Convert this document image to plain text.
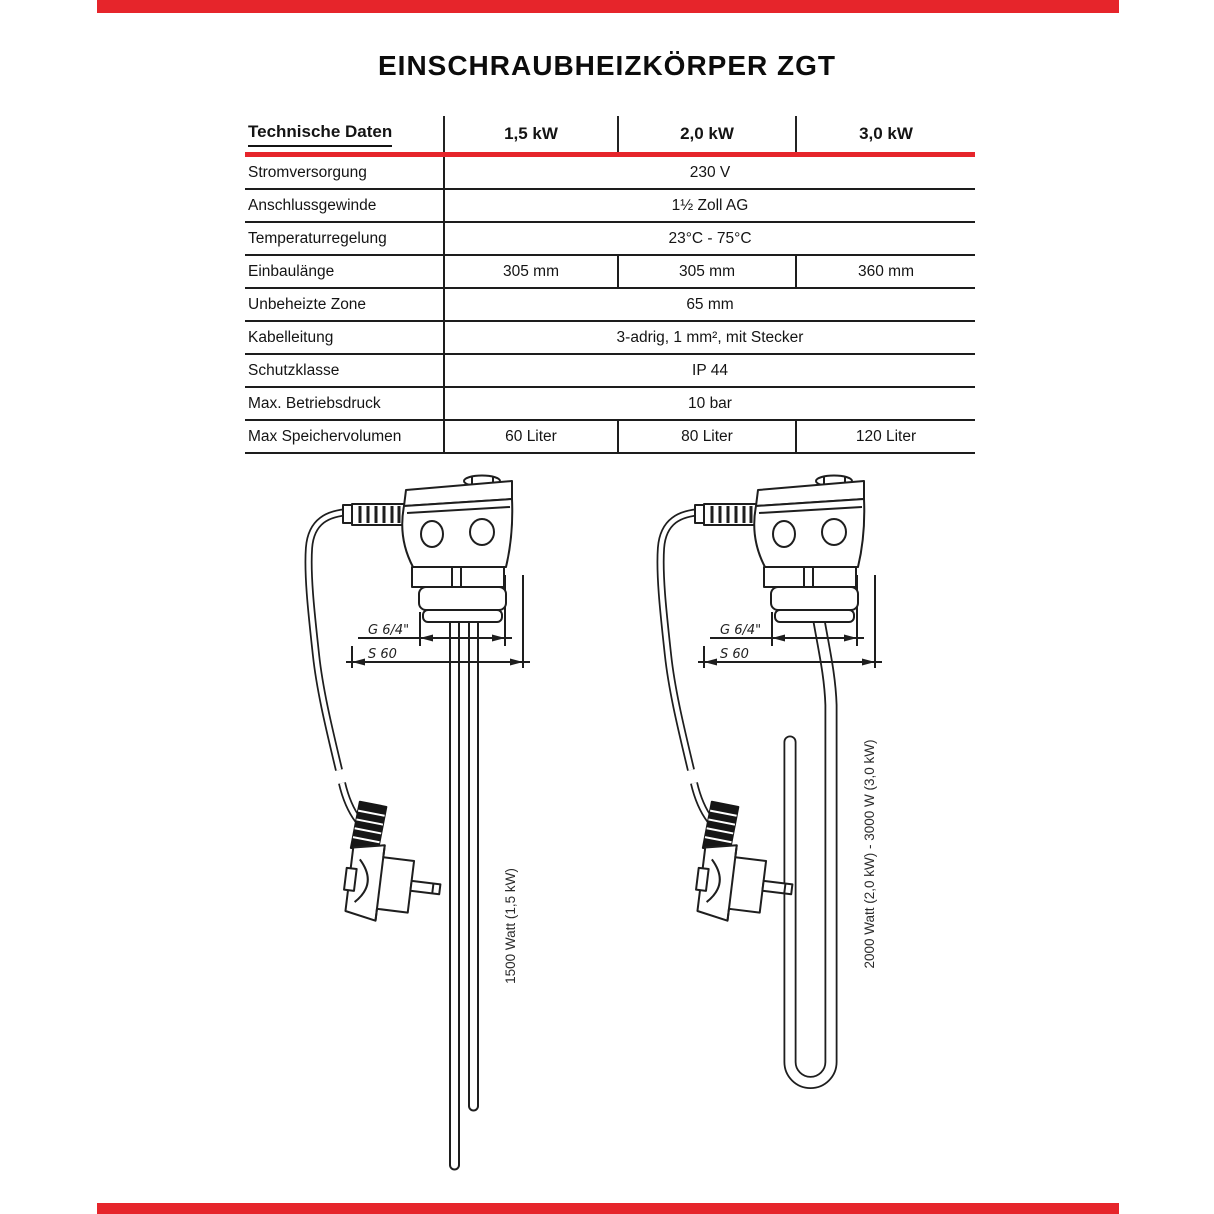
EINSCHRAUBHEIZKÖRPER ZGT
Technische Daten	1,5 kW	2,0 kW	3,0 kW
Stromversorgung	230 V
Anschlussgewinde	1½ Zoll AG
Temperaturregelung	23°C - 75°C
Einbaulänge	305 mm	305 mm	360 mm
Unbeheizte Zone	65 mm
Kabelleitung	3-adrig, 1 mm², mit Stecker
Schutzklasse	IP 44
Max. Betriebsdruck	10 bar
Max Speichervolumen	60 Liter	80 Liter	120 Liter
G 6/4"
S 60
G 6/4"
S 60
1500 Watt (1,5 kW)	2000 Watt (2,0 kW) - 3000 W (3,0 kW)
